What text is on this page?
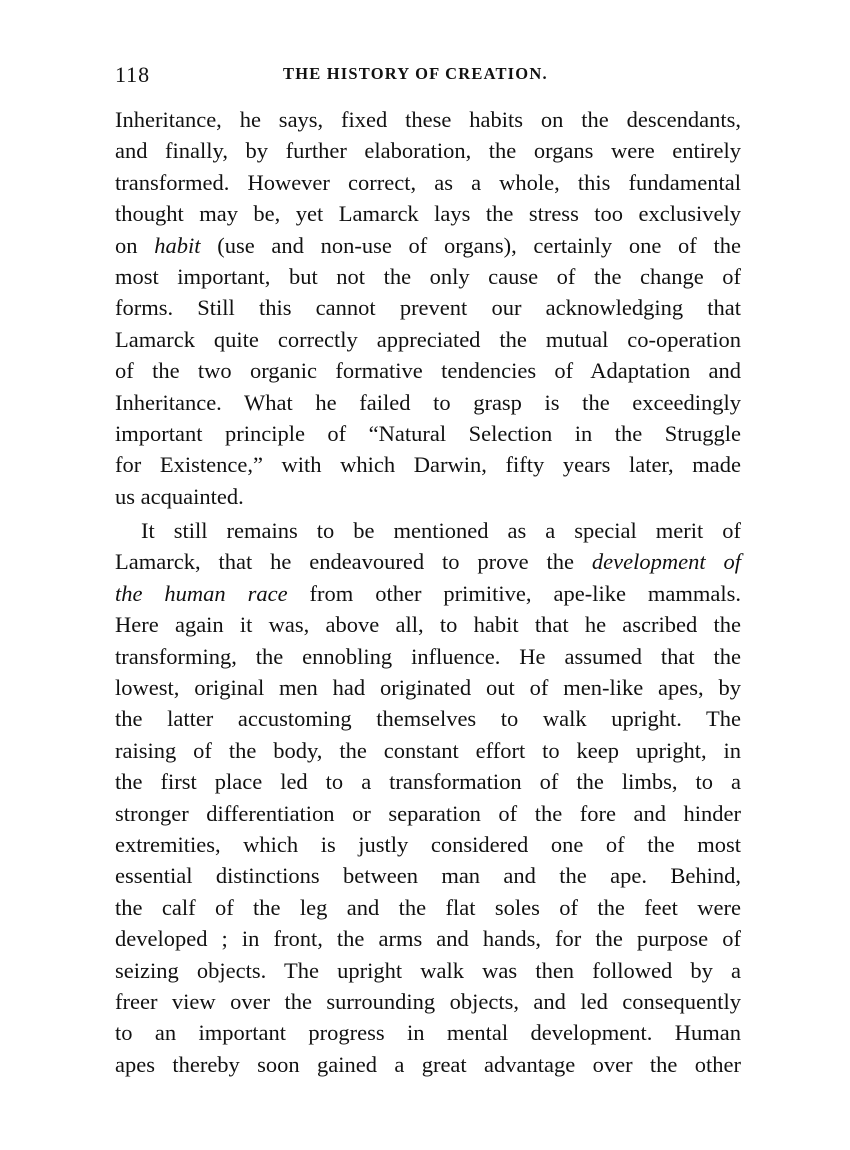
118	THE HISTORY OF CREATION.
Inheritance, he says, fixed these habits on the descendants,
and finally, by further elaboration, the organs were entirely
transformed. However correct, as a whole, this fundamental
thought may be, yet Lamarck lays the stress too exclusively
on habit (use and non-use of organs), certainly one of the
most important, but not the only cause of the change of
forms. Still this cannot prevent our acknowledging that
Lamarck quite correctly appreciated the mutual co-operation
of the two organic formative tendencies of Adaptation and
Inheritance. What he failed to grasp is the exceedingly
important principle of “Natural Selection in the Struggle
for Existence,” with which Darwin, fifty years later, made
us acquainted.
It still remains to be mentioned as a special merit of
Lamarck, that he endeavoured to prove the development of
the human race from other primitive, ape-like mammals.
Here again it was, above all, to habit that he ascribed the
transforming, the ennobling influence. He assumed that the
lowest, original men had originated out of men-like apes, by
the latter accustoming themselves to walk upright. The
raising of the body, the constant effort to keep upright, in
the first place led to a transformation of the limbs, to a
stronger differentiation or separation of the fore and hinder
extremities, which is justly considered one of the most
essential distinctions between man and the ape. Behind,
the calf of the leg and the flat soles of the feet were
developed ; in front, the arms and hands, for the purpose of
seizing objects. The upright walk was then followed by a
freer view over the surrounding objects, and led consequently
to an important progress in mental development. Human
apes thereby soon gained a great advantage over the other
